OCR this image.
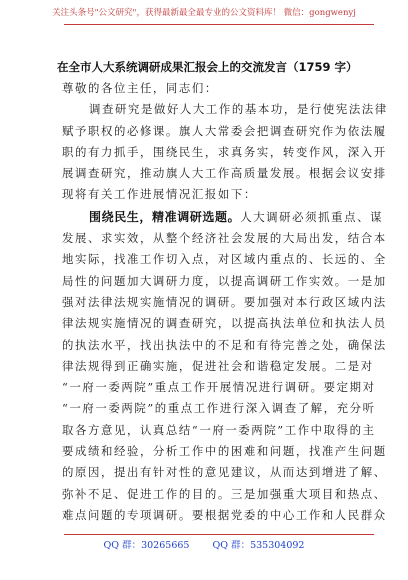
关注头条号"公文研究"，获得最新最全最专业的公文资料库！ 微信：gongwenyj

在全市人大系统调研成果汇报会上的交流发言（1759 字）

尊敬的各位主任，同志们：

调查研究是做好人大工作的基本功，是行使宪法法律

赋予职权的必修课。旗人大常委会把调查研究作为依法履

职的有力抓手，围绕民生，求真务实，转变作风，深入开

展调查研究，推动旗人大工作高质量发展。根据会议安排

现将有关工作进展情况汇报如下：

围绕民生，精准调研选题。人大调研必须抓重点、谋

发展、求实效，从整个经济社会发展的大局出发，结合本

地实际，找准工作切入点，对区域内重点的、长远的、全

局性的问题加大调研力度，以提高调研工作实效。一是加

强对法律法规实施情况的调研。要加强对本行政区域内法

律法规实施情况的调查研究，以提高执法单位和执法人员

的执法水平，找出执法中的不足和有待完善之处，确保法

律法规得到正确实施，促进社会和谐稳定发展。二是对

“一府一委两院”重点工作开展情况进行调研。要定期对

“一府一委两院”的重点工作进行深入调查了解，充分听

取各方意见，认真总结“一府一委两院”工作中取得的主

要成绩和经验，分析工作中的困难和问题，找准产生问题

的原因，提出有针对性的意见建议，从而达到增进了解、

弥补不足、促进工作的目的。三是加强重大项目和热点、

难点问题的专项调研。要根据党委的中心工作和人民群众

QQ 群：30265665 QQ 群：535304092
